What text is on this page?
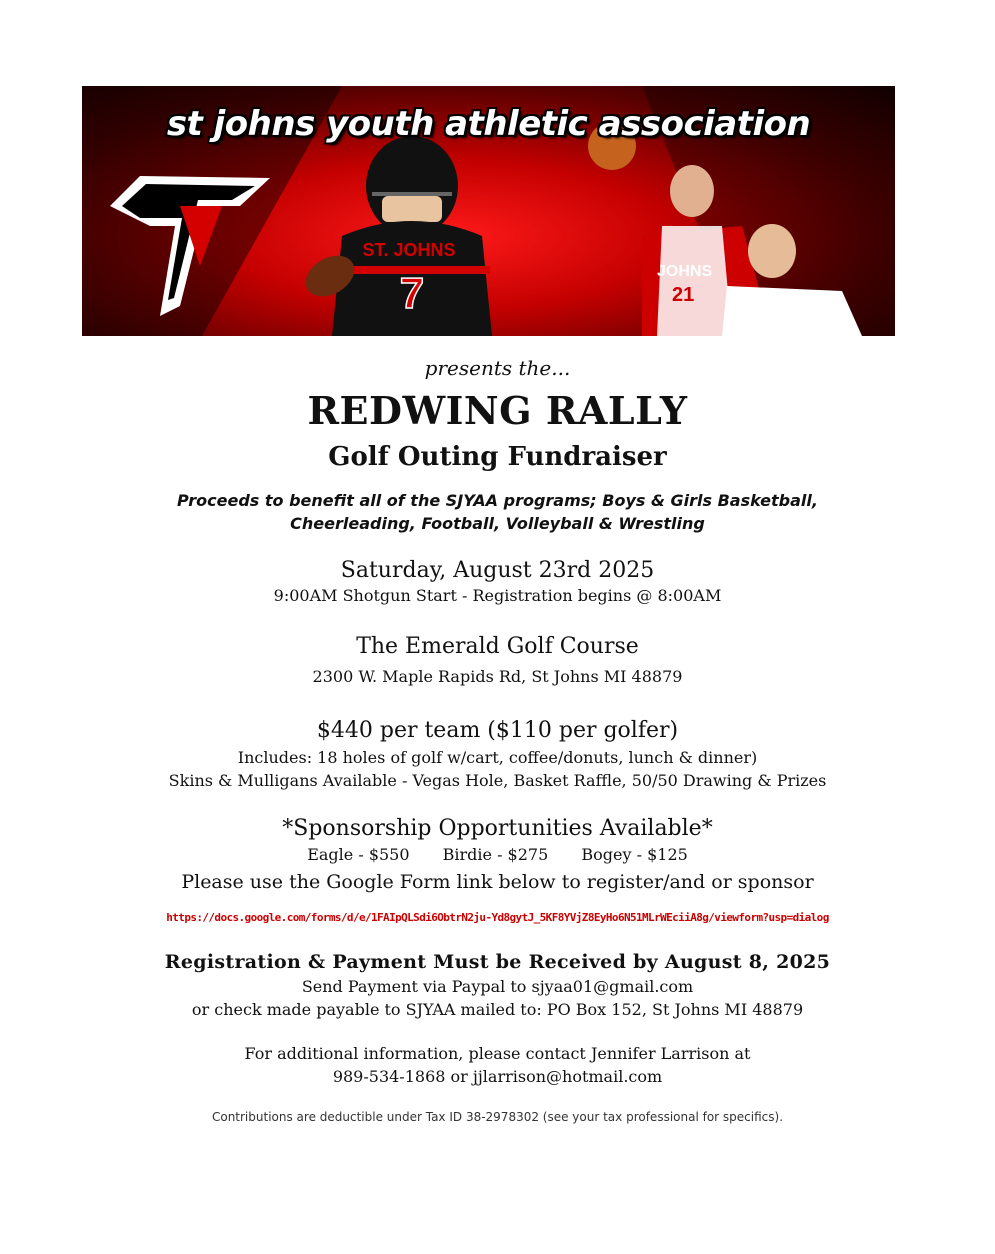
ST. JOHNS
7	JOHNS
21
st johns youth athletic association
presents the...
REDWING RALLY
Golf Outing Fundraiser
Proceeds to benefit all of the SJYAA programs; Boys & Girls Basketball,
Cheerleading, Football, Volleyball & Wrestling
Saturday, August 23rd 2025
9:00AM Shotgun Start - Registration begins @ 8:00AM
The Emerald Golf Course
2300 W. Maple Rapids Rd, St Johns MI 48879
$440 per team ($110 per golfer)
Includes: 18 holes of golf w/cart, coffee/donuts, lunch & dinner)
Skins & Mulligans Available - Vegas Hole, Basket Raffle, 50/50 Drawing & Prizes
*Sponsorship Opportunities Available*
Eagle - $550 Birdie - $275 Bogey - $125
Please use the Google Form link below to register/and or sponsor
https://docs.google.com/forms/d/e/1FAIpQLSdi6ObtrN2ju-Yd8gytJ_5KF8YVjZ8EyHo6N51MLrWEciiA8g/viewform?usp=dialog
Registration & Payment Must be Received by August 8, 2025
Send Payment via Paypal to sjyaa01@gmail.com
or check made payable to SJYAA mailed to: PO Box 152, St Johns MI 48879
For additional information, please contact Jennifer Larrison at
989-534-1868 or jjlarrison@hotmail.com
Contributions are deductible under Tax ID 38-2978302 (see your tax professional for specifics).
